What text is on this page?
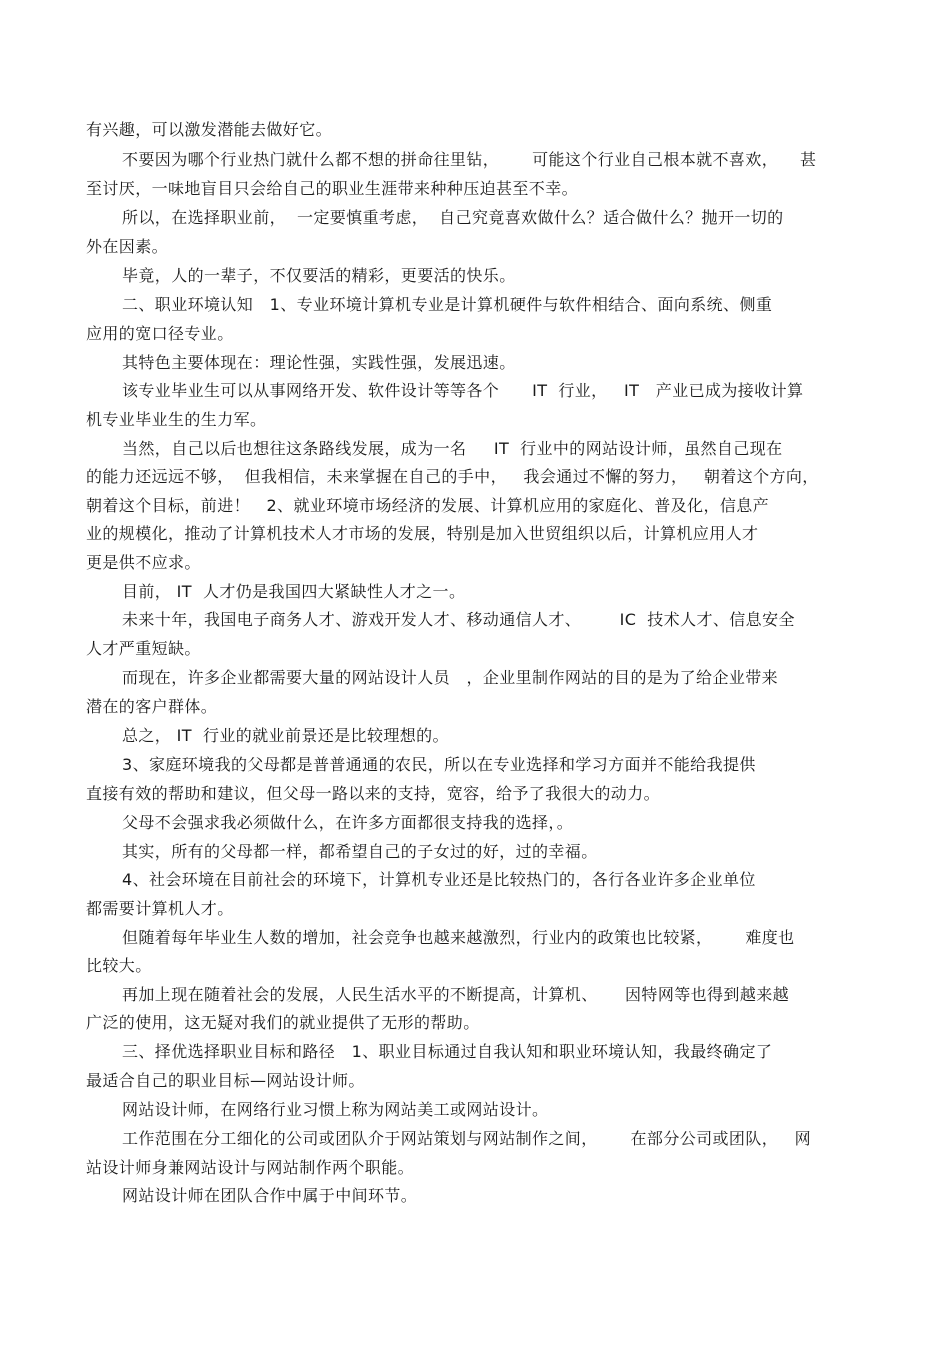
有兴趣，可以激发潜能去做好它。

不要因为哪个行业热门就什么都不想的拼命往里钻，      可能这个行业自己根本就不喜欢，    甚

至讨厌，一味地盲目只会给自己的职业生涯带来种种压迫甚至不幸。

所以，在选择职业前，  一定要慎重考虑，  自己究竟喜欢做什么？适合做什么？抛开一切的

外在因素。

毕竟，人的一辈子，不仅要活的精彩，更要活的快乐。

二、职业环境认知   1、专业环境计算机专业是计算机硬件与软件相结合、面向系统、侧重

应用的宽口径专业。

其特色主要体现在：理论性强，实践性强，发展迅速。

该专业毕业生可以从事网络开发、软件设计等等各个      IT  行业，   IT   产业已成为接收计算

机专业毕业生的生力军。

当然，自己以后也想往这条路线发展，成为一名     IT  行业中的网站设计师，虽然自己现在

的能力还远远不够，  但我相信，未来掌握在自己的手中，   我会通过不懈的努力，   朝着这个方向，

朝着这个目标，前进！   2、就业环境市场经济的发展、计算机应用的家庭化、普及化，信息产

业的规模化，推动了计算机技术人才市场的发展，特别是加入世贸组织以后，计算机应用人才

更是供不应求。

目前， IT  人才仍是我国四大紧缺性人才之一。

未来十年，我国电子商务人才、游戏开发人才、移动通信人才、       IC  技术人才、信息安全

人才严重短缺。

而现在，许多企业都需要大量的网站设计人员   ，企业里制作网站的目的是为了给企业带来

潜在的客户群体。

总之， IT  行业的就业前景还是比较理想的。

3、家庭环境我的父母都是普普通通的农民，所以在专业选择和学习方面并不能给我提供

直接有效的帮助和建议，但父母一路以来的支持，宽容，给予了我很大的动力。

父母不会强求我必须做什么，在许多方面都很支持我的选择，。

其实，所有的父母都一样，都希望自己的子女过的好，过的幸福。

4、社会环境在目前社会的环境下，计算机专业还是比较热门的，各行各业许多企业单位

都需要计算机人才。

但随着每年毕业生人数的增加，社会竞争也越来越激烈，行业内的政策也比较紧，      难度也

比较大。

再加上现在随着社会的发展，人民生活水平的不断提高，计算机、     因特网等也得到越来越

广泛的使用，这无疑对我们的就业提供了无形的帮助。

三、择优选择职业目标和路径   1、职业目标通过自我认知和职业环境认知，我最终确定了

最适合自己的职业目标—网站设计师。

网站设计师，在网络行业习惯上称为网站美工或网站设计。

工作范围在分工细化的公司或团队介于网站策划与网站制作之间，      在部分公司或团队，   网

站设计师身兼网站设计与网站制作两个职能。

网站设计师在团队合作中属于中间环节。
